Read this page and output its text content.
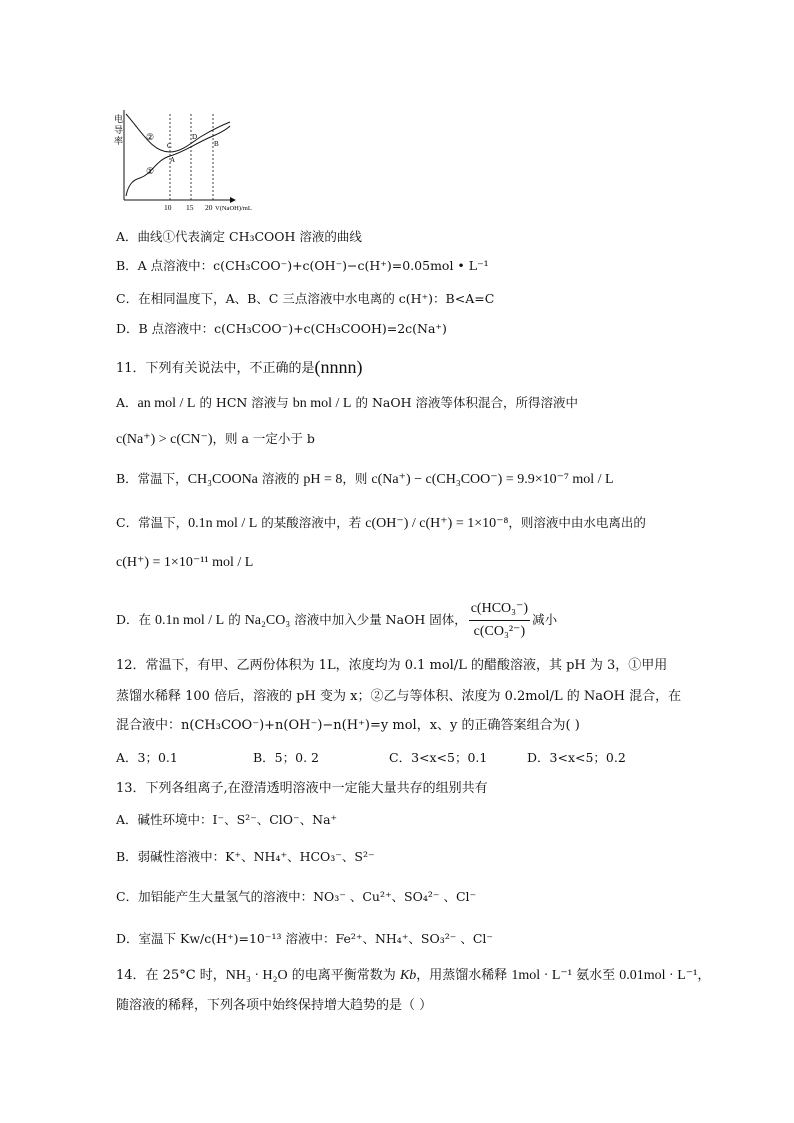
电
导
率	②
①
C
A
D
B
10 15 20 V(NaOH)/mL
A．曲线①代表滴定 CH₃COOH 溶液的曲线
B．A 点溶液中：c(CH₃COO⁻)+c(OH⁻)−c(H⁺)=0.05mol • L⁻¹
C．在相同温度下，A、B、C 三点溶液中水电离的 c(H⁺)：B<A=C
D．B 点溶液中：c(CH₃COO⁻)+c(CH₃COOH)=2c(Na⁺)
11．下列有关说法中，不正确的是(nnnn)
A．an mol / L 的 HCN 溶液与 bn mol / L 的 NaOH 溶液等体积混合，所得溶液中
c(Na⁺) > c(CN⁻)，则 a 一定小于 b
B．常温下，CH₃COONa 溶液的 pH = 8，则 c(Na⁺) − c(CH₃COO⁻) = 9.9×10⁻⁷ mol / L
C．常温下，0.1n mol / L 的某酸溶液中，若 c(OH⁻) / c(H⁺) = 1×10⁻⁸，则溶液中由水电离出的
c(H⁺) = 1×10⁻¹¹ mol / L
D．在 0.1n mol / L 的 Na₂CO₃ 溶液中加入少量 NaOH 固体， $\frac{\text{c(HCO₃⁻)}}{\text{c(CO₃²⁻)}}$ 减小
12．常温下，有甲、乙两份体积为 1L，浓度均为 0.1 mol/L 的醋酸溶液，其 pH 为 3，①甲用
蒸馏水稀释 100 倍后，溶液的 pH 变为 x；②乙与等体积、浓度为 0.2mol/L 的 NaOH 混合，在
混合液中：n(CH₃COO⁻)+n(OH⁻)−n(H⁺)=y mol，x、y 的正确答案组合为( )
A．3；0.1	B．5；0. 2	C．3<x<5；0.1	D．3<x<5；0.2
13．下列各组离子,在澄清透明溶液中一定能大量共存的组别共有
A．碱性环境中：I⁻、S²⁻、ClO⁻、Na⁺
B．弱碱性溶液中：K⁺、NH₄⁺、HCO₃⁻、S²⁻
C．加铝能产生大量氢气的溶液中：NO₃⁻ 、Cu²⁺、SO₄²⁻ 、Cl⁻
D．室温下 Kw/c(H⁺)=10⁻¹³ 溶液中：Fe²⁺、NH₄⁺、SO₃²⁻ 、Cl⁻
14．在 25°C 时，NH₃ · H₂O 的电离平衡常数为 Kb，用蒸馏水稀释 1mol · L⁻¹ 氨水至 0.01mol · L⁻¹，
随溶液的稀释，下列各项中始终保持增大趋势的是（ ）
